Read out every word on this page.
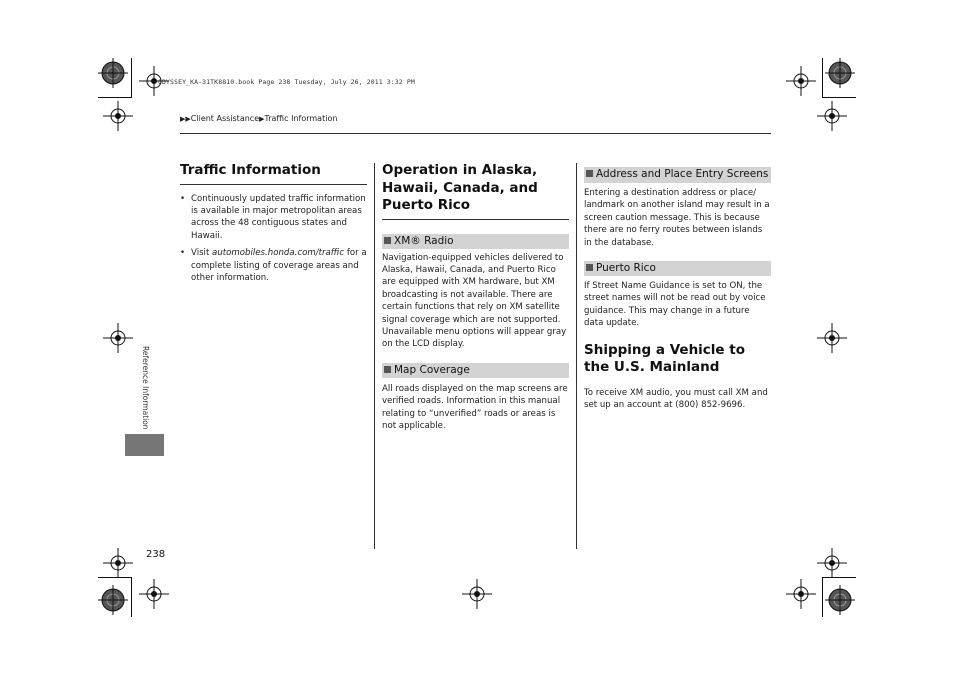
ODYSSEY_KA-31TK8810.book Page 238 Tuesday, July 26, 2011 3:32 PM
▶▶Client Assistance▶Traffic Information
Traffic Information
• Continuously updated traffic information is available in major metropolitan areas across the 48 contiguous states and Hawaii.
• Visit automobiles.honda.com/traffic for a complete listing of coverage areas and other information.
Operation in Alaska, Hawaii, Canada, and Puerto Rico
XM® Radio
Navigation-equipped vehicles delivered to Alaska, Hawaii, Canada, and Puerto Rico are equipped with XM hardware, but XM broadcasting is not available. There are certain functions that rely on XM satellite signal coverage which are not supported. Unavailable menu options will appear gray on the LCD display.
Map Coverage
All roads displayed on the map screens are verified roads. Information in this manual relating to “unverified” roads or areas is not applicable.
Address and Place Entry Screens
Entering a destination address or place/ landmark on another island may result in a screen caution message. This is because there are no ferry routes between islands in the database.
Puerto Rico
If Street Name Guidance is set to ON, the street names will not be read out by voice guidance. This may change in a future data update.
Shipping a Vehicle to the U.S. Mainland
To receive XM audio, you must call XM and set up an account at (800) 852-9696.
Reference Information
238
